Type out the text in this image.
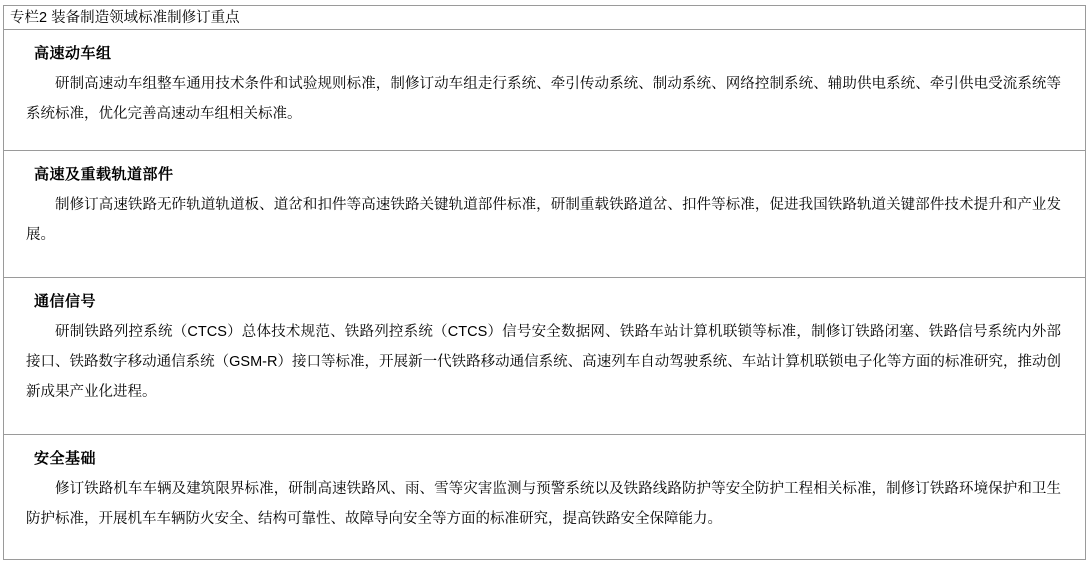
专栏2 装备制造领域标准制修订重点
高速动车组
研制高速动车组整车通用技术条件和试验规则标准，制修订动车组走行系统、牵引传动系统、制动系统、网络控制系统、辅助供电系统、牵引供电受流系统等系统标准，优化完善高速动车组相关标准。
高速及重载轨道部件
制修订高速铁路无砟轨道轨道板、道岔和扣件等高速铁路关键轨道部件标准，研制重载铁路道岔、扣件等标准，促进我国铁路轨道关键部件技术提升和产业发展。
通信信号
研制铁路列控系统（CTCS）总体技术规范、铁路列控系统（CTCS）信号安全数据网、铁路车站计算机联锁等标准，制修订铁路闭塞、铁路信号系统内外部接口、铁路数字移动通信系统（GSM-R）接口等标准，开展新一代铁路移动通信系统、高速列车自动驾驶系统、车站计算机联锁电子化等方面的标准研究，推动创新成果产业化进程。
安全基础
修订铁路机车车辆及建筑限界标准，研制高速铁路风、雨、雪等灾害监测与预警系统以及铁路线路防护等安全防护工程相关标准，制修订铁路环境保护和卫生防护标准，开展机车车辆防火安全、结构可靠性、故障导向安全等方面的标准研究，提高铁路安全保障能力。
